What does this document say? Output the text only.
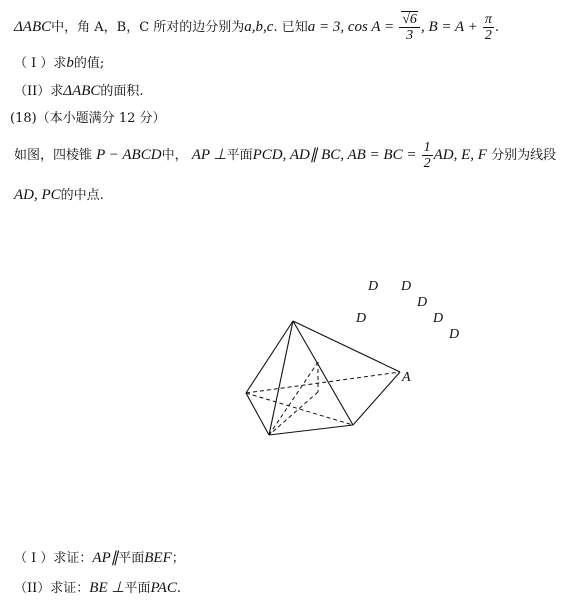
ΔABC中，角 A，B，C 所对的边分别为a,b,c. 已知a = 3, $\cos A = \frac{√6}{3}$ , $B = A + \frac{\pi}{2}$ .
（ I ）求b的值;
（II）求ΔABC的面积.
(18)（本小题满分 12 分）
如图，四棱锥 P − ABCD中， AP ⊥平面PCD, AD∥ BC, AB = BC = $\frac{1}{2}$ AD, E, F 分别为线段
AD, PC的中点.
D D
D
D	D
D
A
（ I ）求证：AP∥平面BEF；
（II）求证：BE ⊥平面PAC.
